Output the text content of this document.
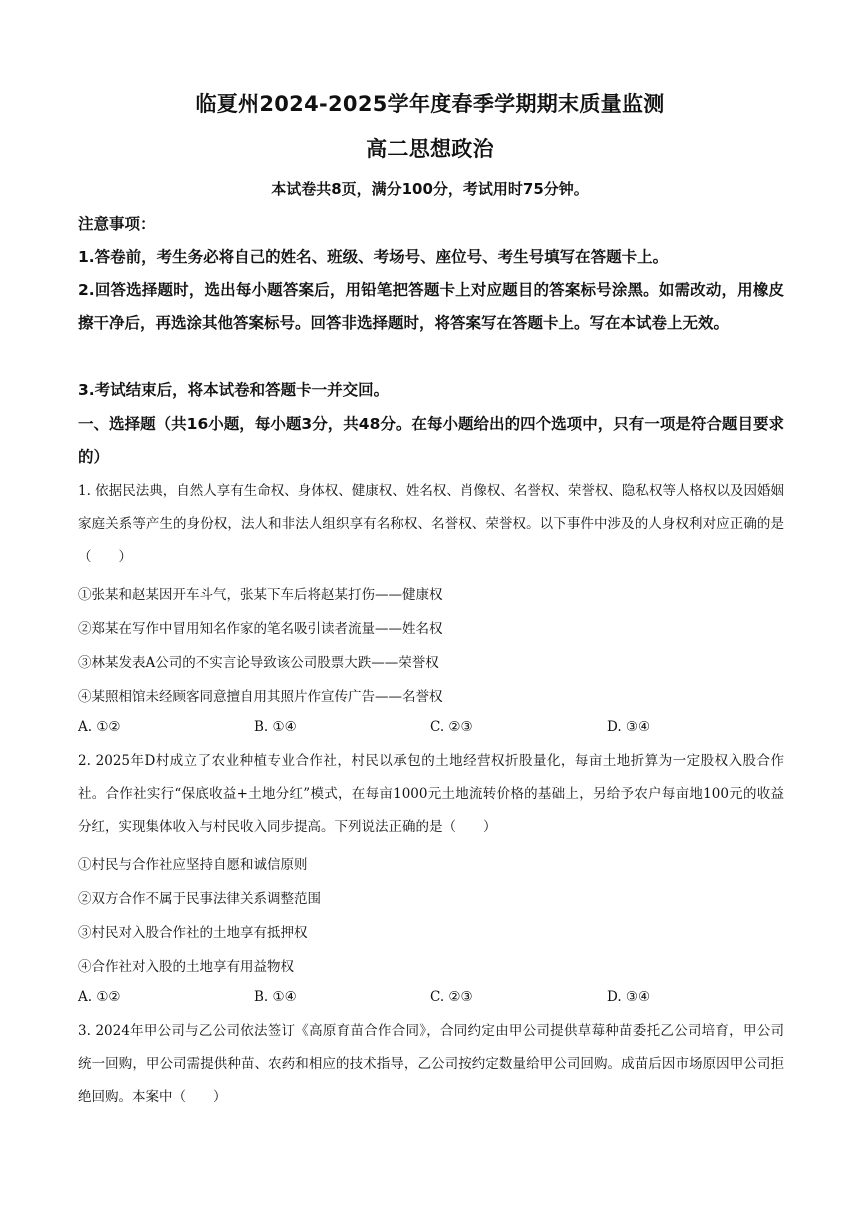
临夏州2024-2025学年度春季学期期末质量监测
高二思想政治
本试卷共8页，满分100分，考试用时75分钟。
注意事项：
1.答卷前，考生务必将自己的姓名、班级、考场号、座位号、考生号填写在答题卡上。
2.回答选择题时，选出每小题答案后，用铅笔把答题卡上对应题目的答案标号涂黑。如需改动，用橡皮擦干净后，再选涂其他答案标号。回答非选择题时，将答案写在答题卡上。写在本试卷上无效。
3.考试结束后，将本试卷和答题卡一并交回。
一、选择题（共16小题，每小题3分，共48分。在每小题给出的四个选项中，只有一项是符合题目要求的）
1. 依据民法典，自然人享有生命权、身体权、健康权、姓名权、肖像权、名誉权、荣誉权、隐私权等人格权以及因婚姻家庭关系等产生的身份权，法人和非法人组织享有名称权、名誉权、荣誉权。以下事件中涉及的人身权利对应正确的是（　　）
①张某和赵某因开车斗气，张某下车后将赵某打伤——健康权
②郑某在写作中冒用知名作家的笔名吸引读者流量——姓名权
③林某发表A公司的不实言论导致该公司股票大跌——荣誉权
④某照相馆未经顾客同意擅自用其照片作宣传广告——名誉权
A. ①②	B. ①④	C. ②③	D. ③④
2. 2025年D村成立了农业种植专业合作社，村民以承包的土地经营权折股量化，每亩土地折算为一定股权入股合作社。合作社实行“保底收益+土地分红”模式，在每亩1000元土地流转价格的基础上，另给予农户每亩地100元的收益分红，实现集体收入与村民收入同步提高。下列说法正确的是（　　）
①村民与合作社应坚持自愿和诚信原则
②双方合作不属于民事法律关系调整范围
③村民对入股合作社的土地享有抵押权
④合作社对入股的土地享有用益物权
A. ①②	B. ①④	C. ②③	D. ③④
3. 2024年甲公司与乙公司依法签订《高原育苗合作合同》，合同约定由甲公司提供草莓种苗委托乙公司培育，甲公司统一回购，甲公司需提供种苗、农药和相应的技术指导，乙公司按约定数量给甲公司回购。成苗后因市场原因甲公司拒绝回购。本案中（　　）
